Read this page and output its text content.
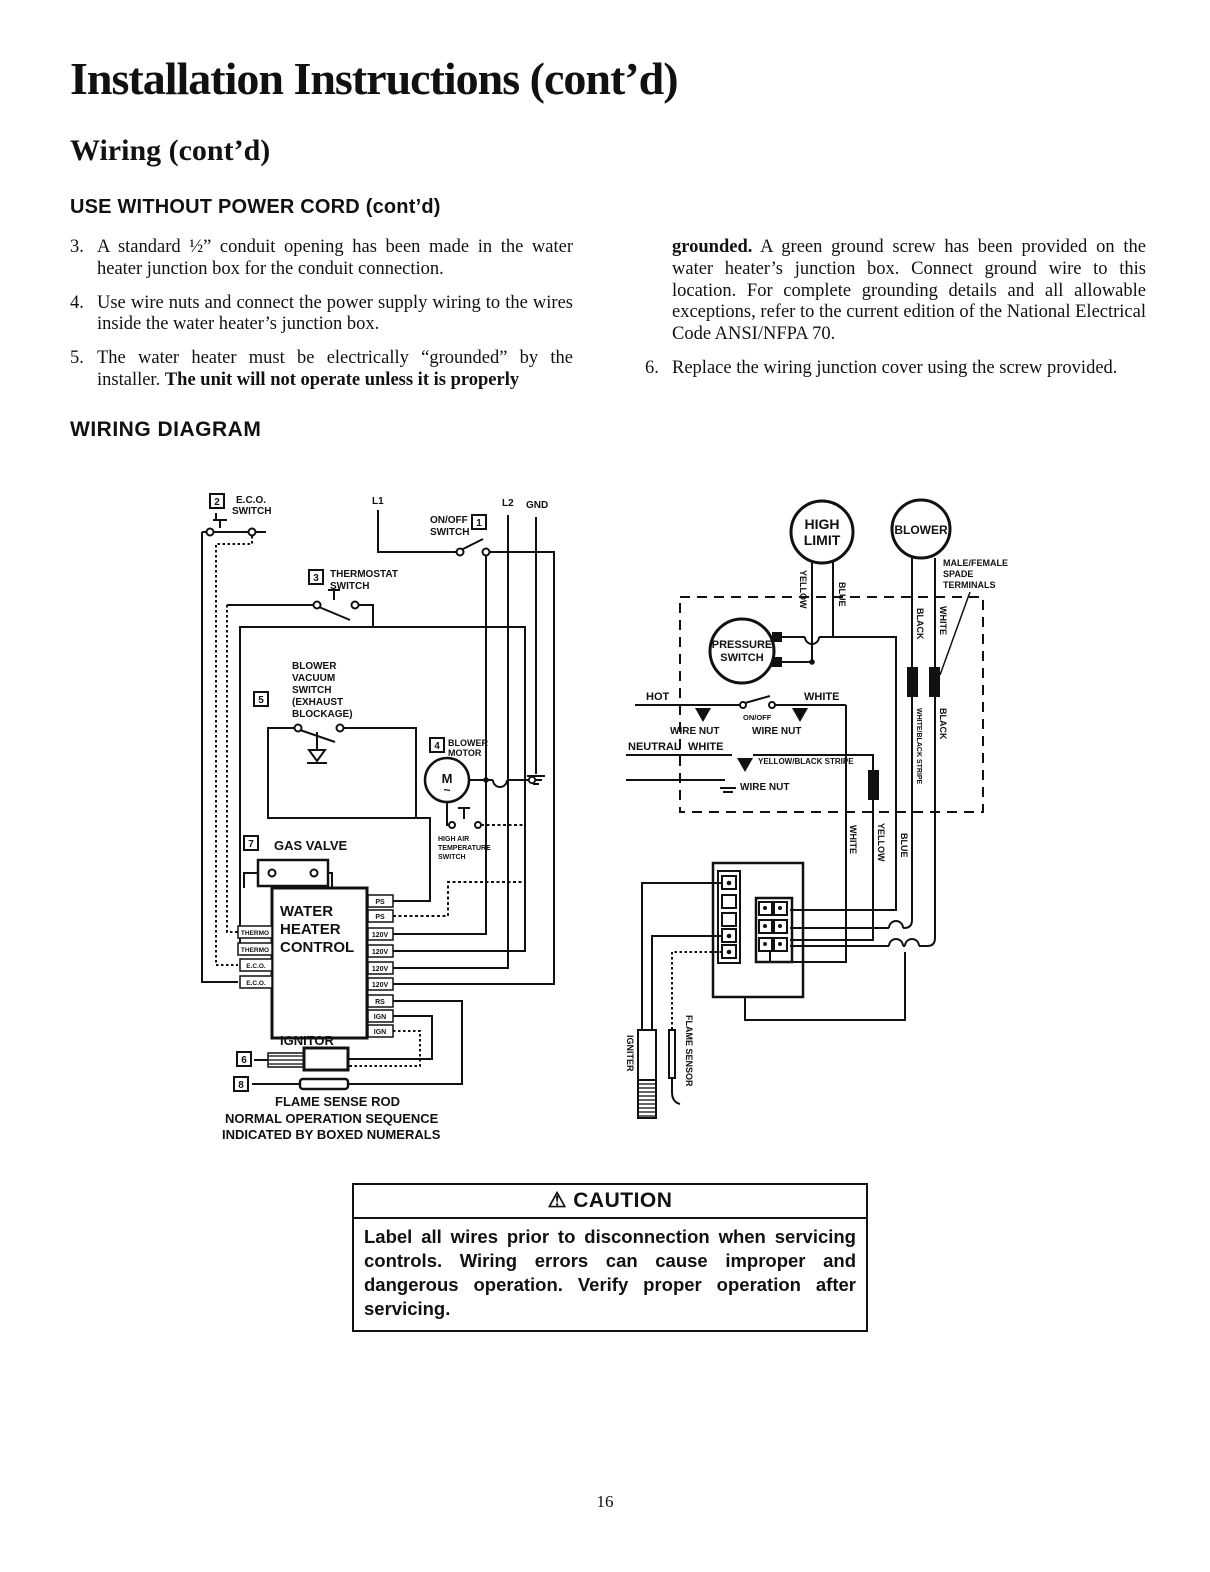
Installation Instructions (cont’d)
Wiring (cont’d)
USE WITHOUT POWER CORD (cont’d)
3. A standard ½” conduit opening has been made in the water heater junction box for the conduit connection.
4. Use wire nuts and connect the power supply wiring to the wires inside the water heater’s junction box.
5. The water heater must be electrically “grounded” by the installer. The unit will not operate unless it is properly
grounded. A green ground screw has been provided on the water heater’s junction box. Connect ground wire to this location. For complete grounding details and all allowable exceptions, refer to the current edition of the National Electrical Code ANSI/NFPA 70.
6. Replace the wiring junction cover using the screw provided.
WIRING DIAGRAM
1
2
3
4
5
6
7
8
E.C.O.
SWITCH
L1	L2 GND
ON/OFF
SWITCH
THERMOSTAT
SWITCH
BLOWER
VACUUM
SWITCH
(EXHAUST
BLOCKAGE)
BLOWER
MOTOR
M
~
HIGH AIR
TEMPERATURE
SWITCH
GAS VALVE
WATER
HEATER
CONTROL
THERMO
THERMO
E.C.O.
E.C.O.
PS
PS
120V
120V
120V
120V
RS
IGN
IGN
IGNITOR
FLAME SENSE ROD
NORMAL OPERATION SEQUENCE
INDICATED BY BOXED NUMERALS
HIGH
LIMIT
BLOWER
MALE/FEMALE
SPADE
TERMINALS
PRESSURE
SWITCH
YELLOW	BLUE
BLACK WHITE
WHITE/BLACK STRIPE BLACK
WHITE YELLOW BLUE
HOT
ON/OFF
WHITE
WIRE NUT	WIRE NUT
NEUTRAL WHITE
YELLOW/BLACK STRIPE
WIRE NUT
IGNITER	FLAME SENSOR
⚠ CAUTION
Label all wires prior to disconnection when servicing controls. Wiring errors can cause improper and dangerous operation. Verify proper operation after servicing.
16
